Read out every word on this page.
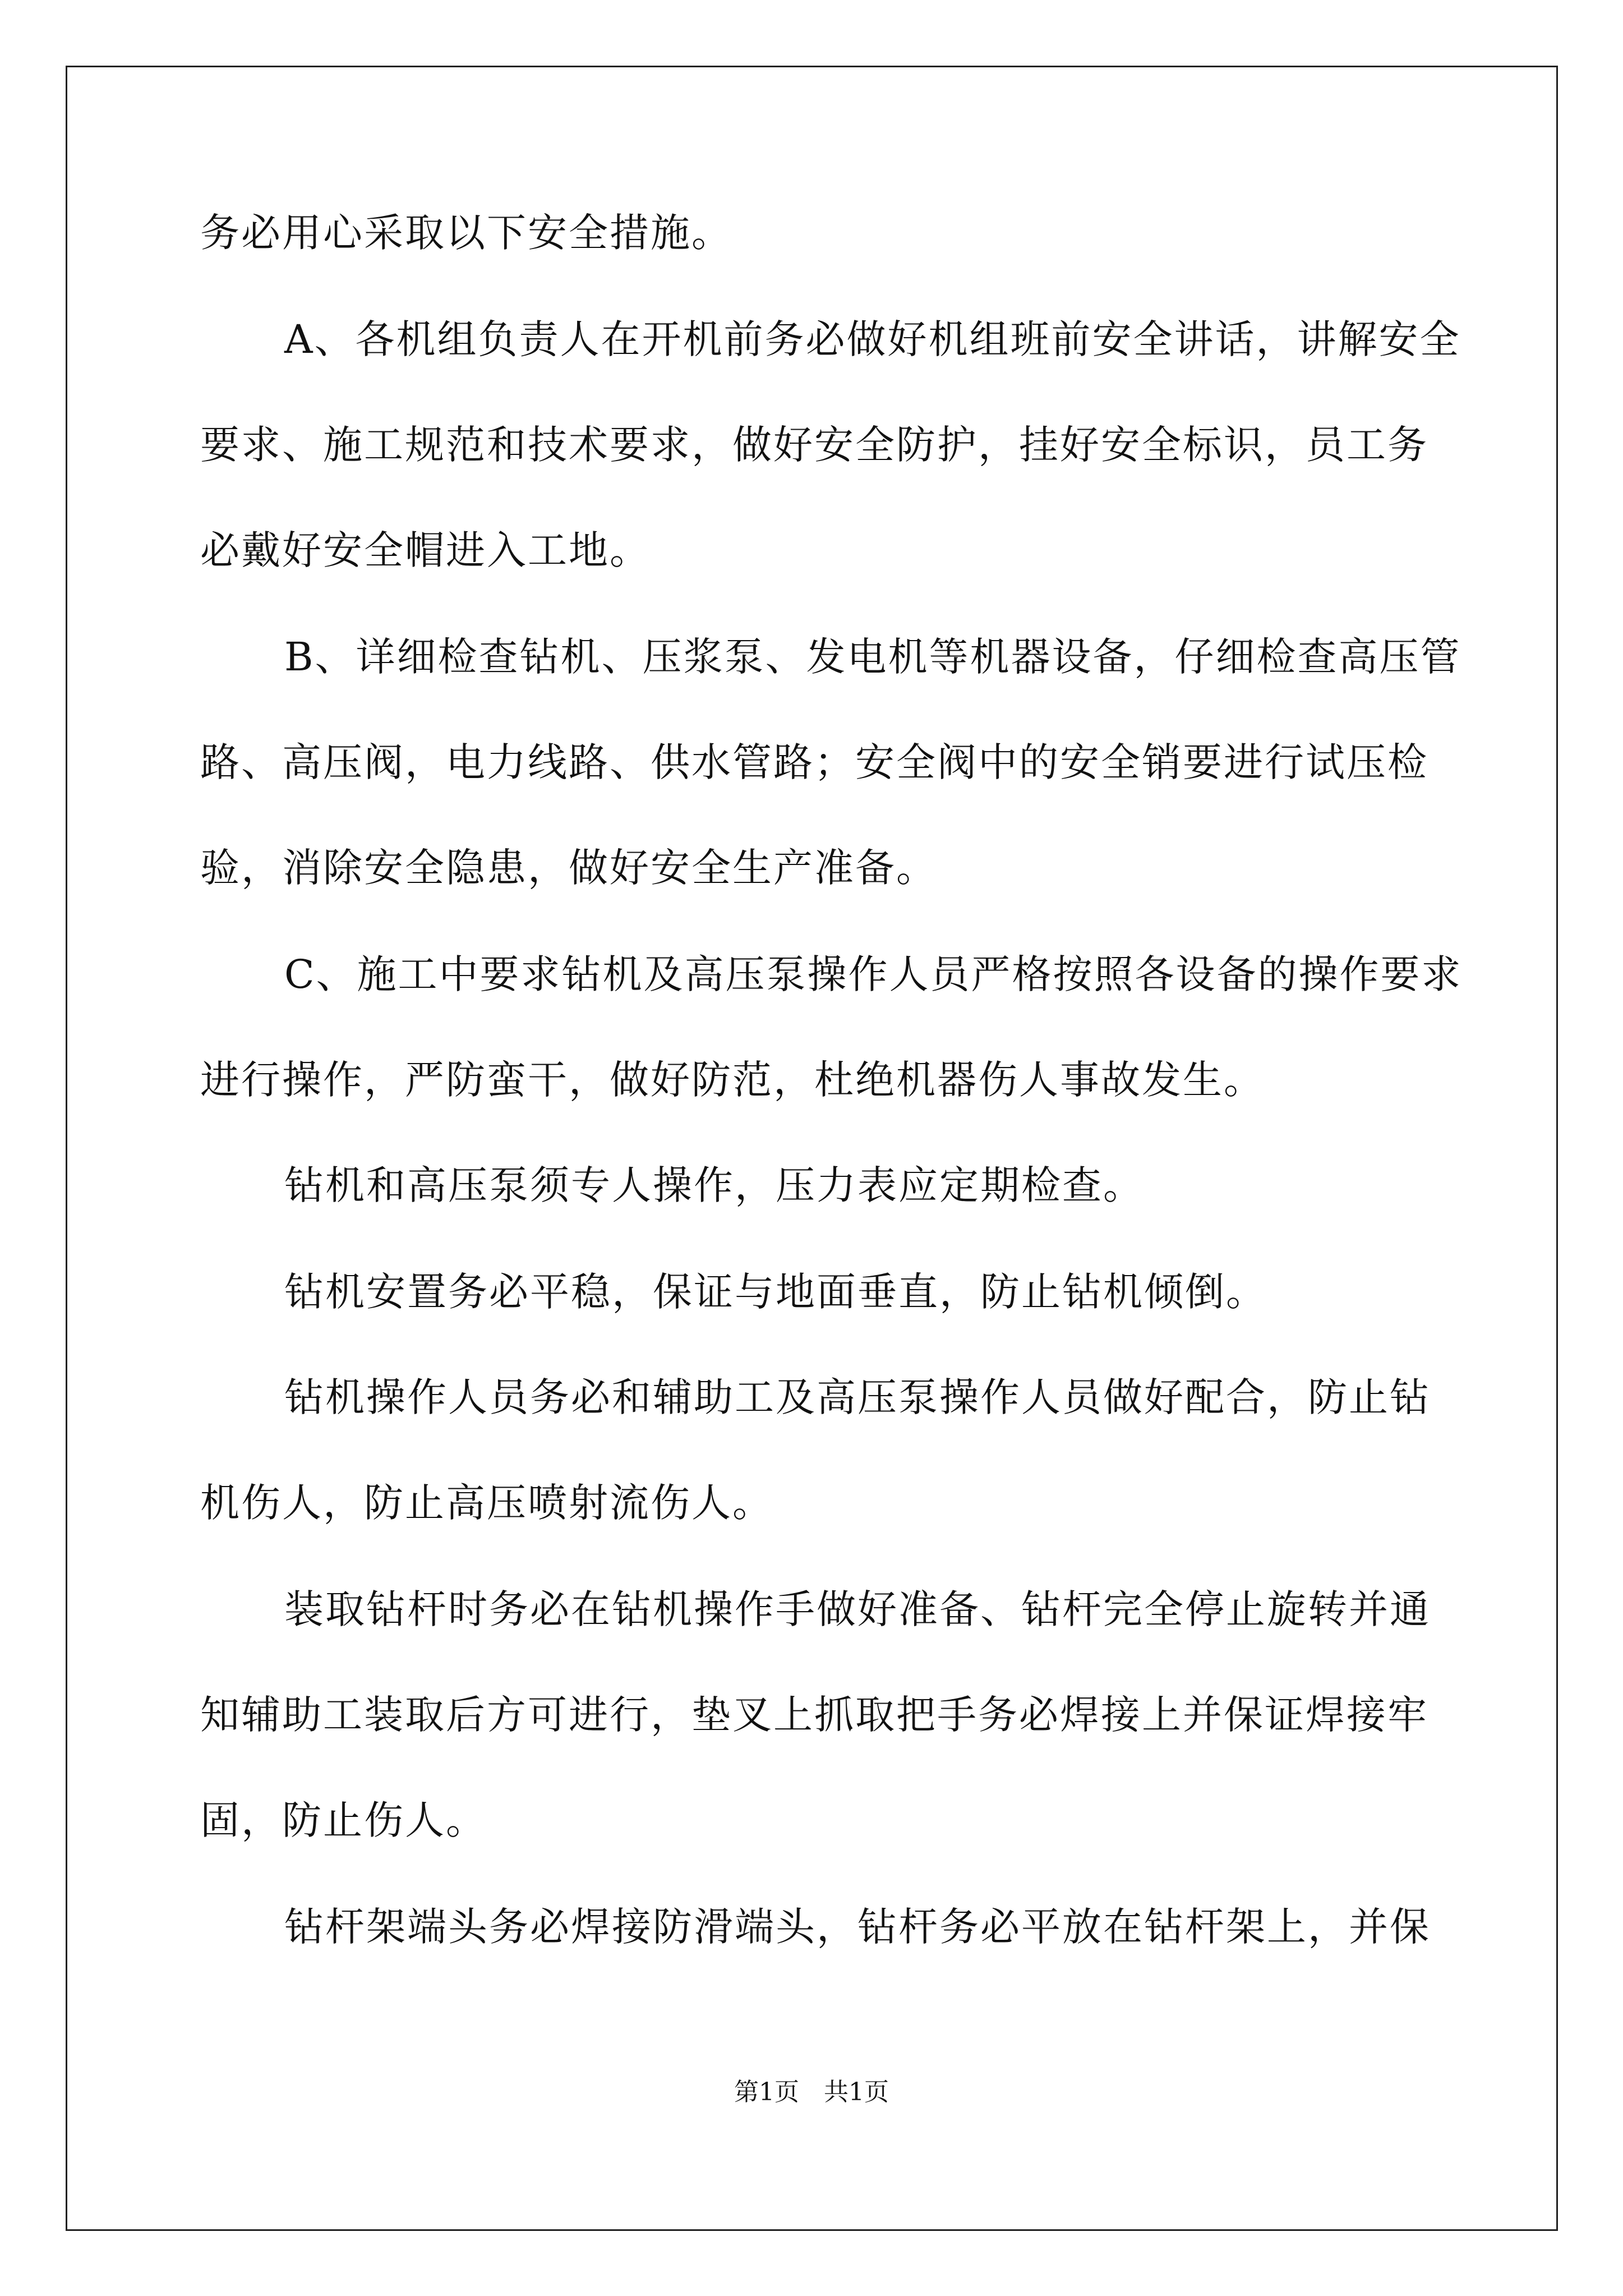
务必用心采取以下安全措施。
A、各机组负责人在开机前务必做好机组班前安全讲话，讲解安全
要求、施工规范和技术要求，做好安全防护，挂好安全标识，员工务
必戴好安全帽进入工地。
B、详细检查钻机、压浆泵、发电机等机器设备，仔细检查高压管
路、高压阀，电力线路、供水管路；安全阀中的安全销要进行试压检
验，消除安全隐患，做好安全生产准备。
C、施工中要求钻机及高压泵操作人员严格按照各设备的操作要求
进行操作，严防蛮干，做好防范，杜绝机器伤人事故发生。
钻机和高压泵须专人操作，压力表应定期检查。
钻机安置务必平稳，保证与地面垂直，防止钻机倾倒。
钻机操作人员务必和辅助工及高压泵操作人员做好配合，防止钻
机伤人，防止高压喷射流伤人。
装取钻杆时务必在钻机操作手做好准备、钻杆完全停止旋转并通
知辅助工装取后方可进行，垫叉上抓取把手务必焊接上并保证焊接牢
固，防止伤人。
钻杆架端头务必焊接防滑端头，钻杆务必平放在钻杆架上，并保
第1页　共1页
